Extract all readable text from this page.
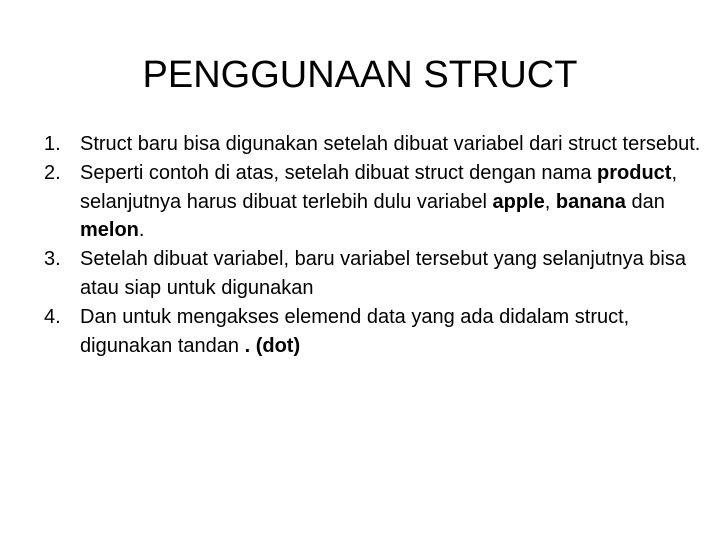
PENGGUNAAN STRUCT
1. Struct baru bisa digunakan setelah dibuat variabel dari struct tersebut.
2. Seperti contoh di atas, setelah dibuat struct dengan nama product, selanjutnya harus dibuat terlebih dulu variabel apple, banana dan melon.
3. Setelah dibuat variabel, baru variabel tersebut yang selanjutnya bisa atau siap untuk digunakan
4. Dan untuk mengakses elemend data yang ada didalam struct, digunakan tandan . (dot)
